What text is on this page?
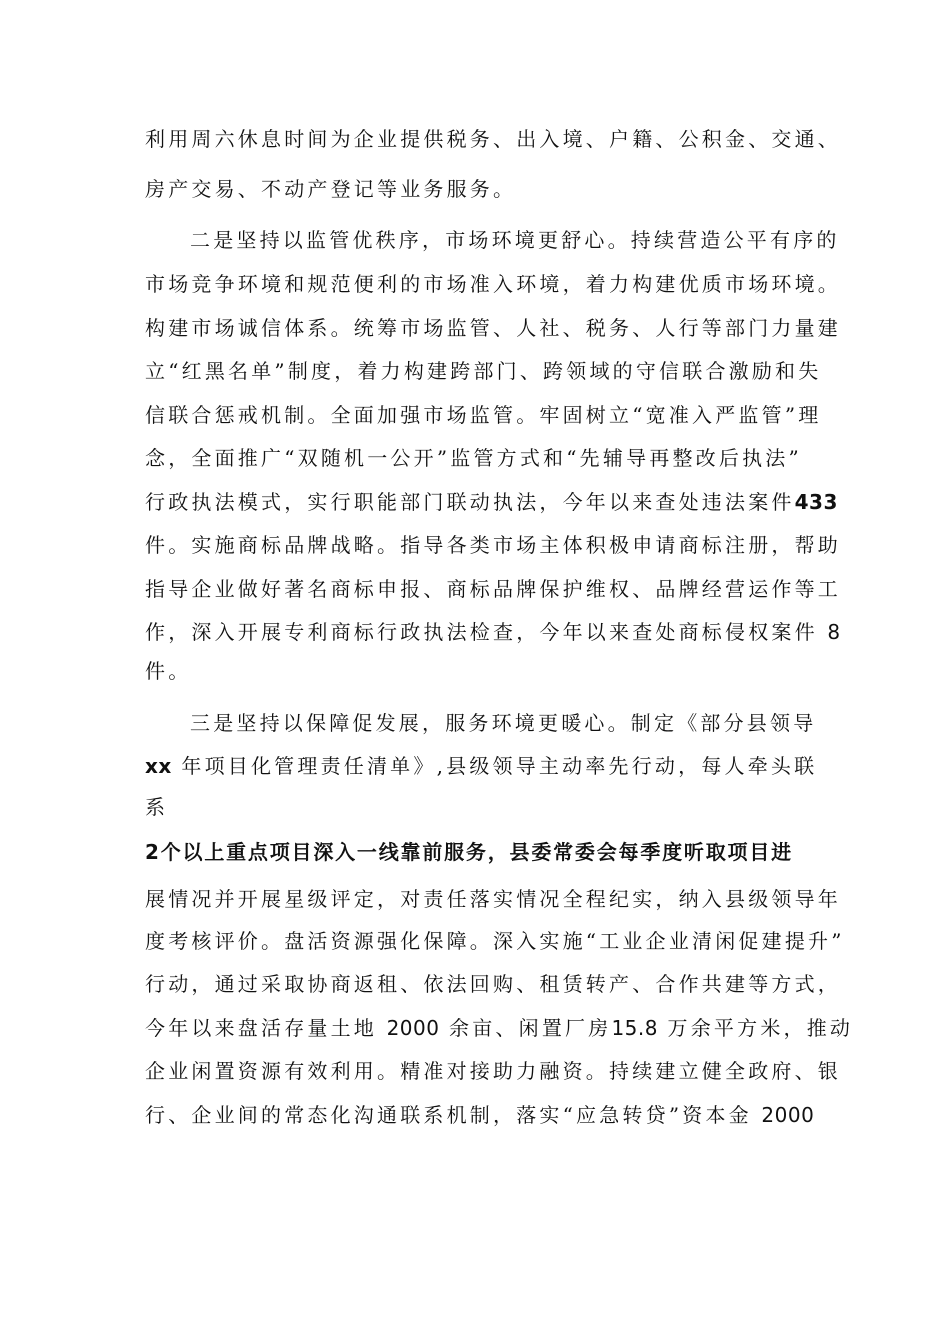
利用周六休息时间为企业提供税务、出入境、户籍、公积金、交通、
房产交易、不动产登记等业务服务。
二是坚持以监管优秩序，市场环境更舒心。持续营造公平有序的
市场竞争环境和规范便利的市场准入环境，着力构建优质市场环境。
构建市场诚信体系。统筹市场监管、人社、税务、人行等部门力量建
立“红黑名单”制度，着力构建跨部门、跨领域的守信联合激励和失
信联合惩戒机制。全面加强市场监管。牢固树立“宽准入严监管”理
念，全面推广“双随机一公开”监管方式和“先辅导再整改后执法”
行政执法模式，实行职能部门联动执法，今年以来查处违法案件433
件。实施商标品牌战略。指导各类市场主体积极申请商标注册，帮助
指导企业做好著名商标申报、商标品牌保护维权、品牌经营运作等工
作，深入开展专利商标行政执法检查，今年以来查处商标侵权案件 8
件。
三是坚持以保障促发展，服务环境更暖心。制定《部分县领导
xx 年项目化管理责任清单》,县级领导主动率先行动，每人牵头联
系
2个以上重点项目深入一线靠前服务，县委常委会每季度听取项目进
展情况并开展星级评定，对责任落实情况全程纪实，纳入县级领导年
度考核评价。盘活资源强化保障。深入实施“工业企业清闲促建提升”
行动，通过采取协商返租、依法回购、租赁转产、合作共建等方式，
今年以来盘活存量土地 2000 余亩、闲置厂房15.8 万余平方米，推动
企业闲置资源有效利用。精准对接助力融资。持续建立健全政府、银
行、企业间的常态化沟通联系机制，落实“应急转贷”资本金 2000
